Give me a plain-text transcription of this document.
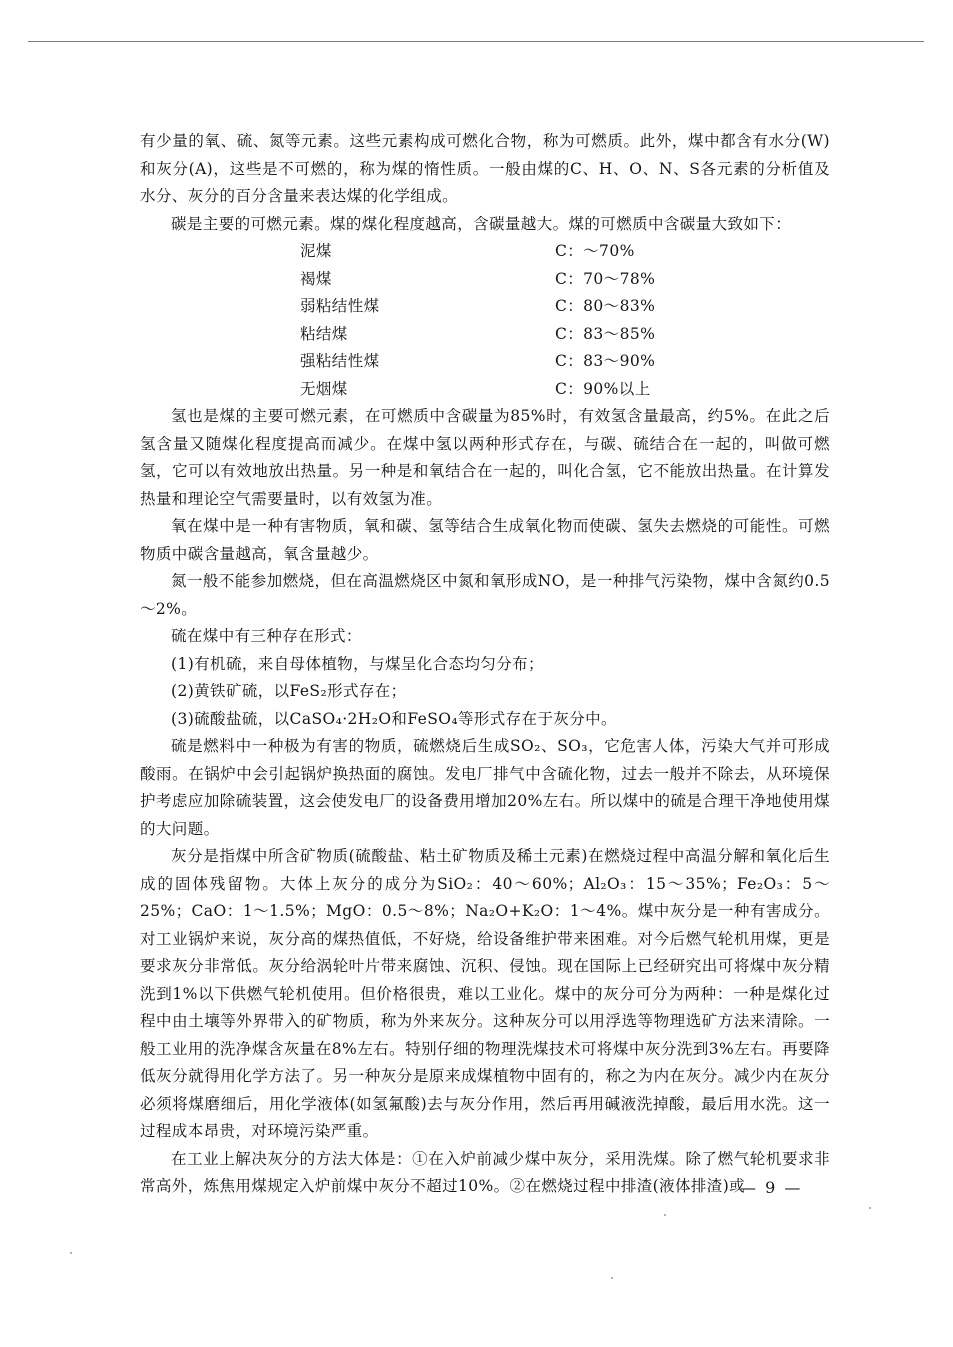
有少量的氧、硫、氮等元素。这些元素构成可燃化合物，称为可燃质。此外，煤中都含有水分(W)和灰分(A)，这些是不可燃的，称为煤的惰性质。一般由煤的C、H、O、N、S各元素的分析值及水分、灰分的百分含量来表达煤的化学组成。

碳是主要的可燃元素。煤的煤化程度越高，含碳量越大。煤的可燃质中含碳量大致如下：

泥煤	C：～70%
褐煤	C：70～78%
弱粘结性煤	C：80～83%
粘结煤	C：83～85%
强粘结性煤	C：83～90%
无烟煤	C：90%以上

氢也是煤的主要可燃元素，在可燃质中含碳量为85%时，有效氢含量最高，约5%。在此之后氢含量又随煤化程度提高而减少。在煤中氢以两种形式存在，与碳、硫结合在一起的，叫做可燃氢，它可以有效地放出热量。另一种是和氧结合在一起的，叫化合氢，它不能放出热量。在计算发热量和理论空气需要量时，以有效氢为准。

氧在煤中是一种有害物质，氧和碳、氢等结合生成氧化物而使碳、氢失去燃烧的可能性。可燃物质中碳含量越高，氧含量越少。

氮一般不能参加燃烧，但在高温燃烧区中氮和氧形成NO，是一种排气污染物，煤中含氮约0.5～2%。

硫在煤中有三种存在形式：

(1)有机硫，来自母体植物，与煤呈化合态均匀分布；

(2)黄铁矿硫，以FeS₂形式存在；

(3)硫酸盐硫，以CaSO₄·2H₂O和FeSO₄等形式存在于灰分中。

硫是燃料中一种极为有害的物质，硫燃烧后生成SO₂、SO₃，它危害人体，污染大气并可形成酸雨。在锅炉中会引起锅炉换热面的腐蚀。发电厂排气中含硫化物，过去一般并不除去，从环境保护考虑应加除硫装置，这会使发电厂的设备费用增加20%左右。所以煤中的硫是合理干净地使用煤的大问题。

灰分是指煤中所含矿物质(硫酸盐、粘土矿物质及稀土元素)在燃烧过程中高温分解和氧化后生成的固体残留物。大体上灰分的成分为SiO₂：40～60%；Al₂O₃：15～35%；Fe₂O₃：5～25%；CaO：1～1.5%；MgO：0.5～8%；Na₂O+K₂O：1～4%。煤中灰分是一种有害成分。对工业锅炉来说，灰分高的煤热值低，不好烧，给设备维护带来困难。对今后燃气轮机用煤，更是要求灰分非常低。灰分给涡轮叶片带来腐蚀、沉积、侵蚀。现在国际上已经研究出可将煤中灰分精洗到1%以下供燃气轮机使用。但价格很贵，难以工业化。煤中的灰分可分为两种：一种是煤化过程中由土壤等外界带入的矿物质，称为外来灰分。这种灰分可以用浮选等物理选矿方法来清除。一般工业用的洗净煤含灰量在8%左右。特别仔细的物理洗煤技术可将煤中灰分洗到3%左右。再要降低灰分就得用化学方法了。另一种灰分是原来成煤植物中固有的，称之为内在灰分。减少内在灰分必须将煤磨细后，用化学液体(如氢氟酸)去与灰分作用，然后再用碱液洗掉酸，最后用水洗。这一过程成本昂贵，对环境污染严重。

在工业上解决灰分的方法大体是：①在入炉前减少煤中灰分，采用洗煤。除了燃气轮机要求非常高外，炼焦用煤规定入炉前煤中灰分不超过10%。②在燃烧过程中排渣(液体排渣)或

— 9 —
